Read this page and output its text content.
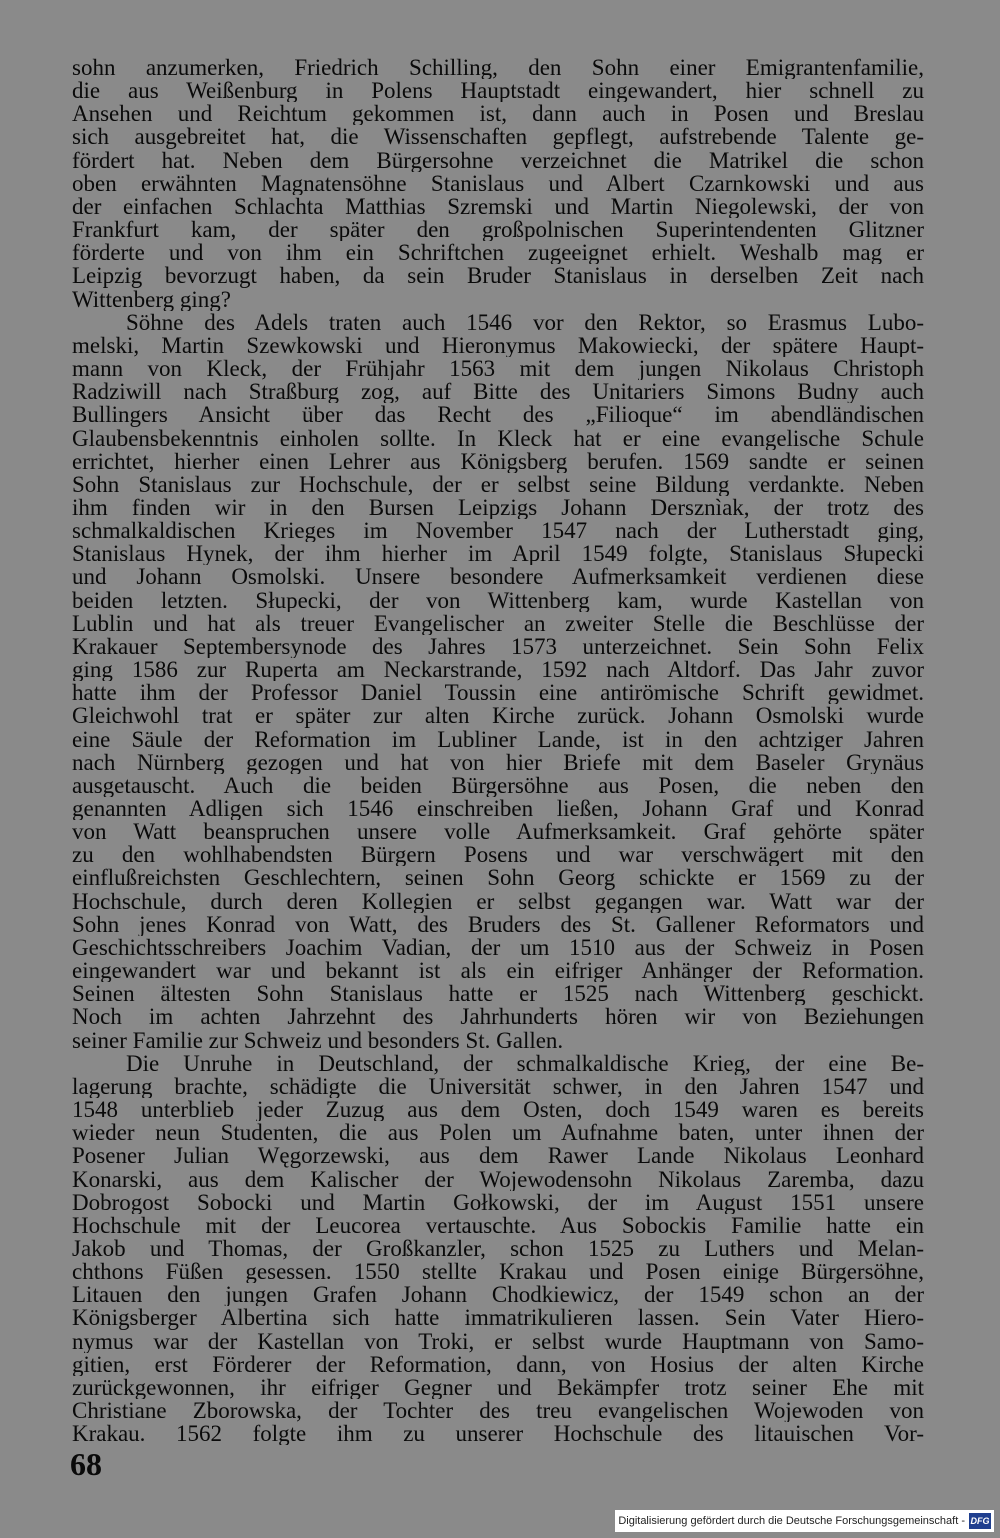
sohn anzumerken, Friedrich Schilling, den Sohn einer Emigrantenfamilie,
die aus Weißenburg in Polens Hauptstadt eingewandert, hier schnell zu
Ansehen und Reichtum gekommen ist, dann auch in Posen und Breslau
sich ausgebreitet hat, die Wissenschaften gepflegt, aufstrebende Talente ge-
fördert hat. Neben dem Bürgersohne verzeichnet die Matrikel die schon
oben erwähnten Magnatensöhne Stanislaus und Albert Czarnkowski und aus
der einfachen Schlachta Matthias Szremski und Martin Niegolewski, der von
Frankfurt kam, der später den großpolnischen Superintendenten Glitzner
förderte und von ihm ein Schriftchen zugeeignet erhielt. Weshalb mag er
Leipzig bevorzugt haben, da sein Bruder Stanislaus in derselben Zeit nach
Wittenberg ging?
Söhne des Adels traten auch 1546 vor den Rektor, so Erasmus Lubo-
melski, Martin Szewkowski und Hieronymus Makowiecki, der spätere Haupt-
mann von Kleck, der Frühjahr 1563 mit dem jungen Nikolaus Christoph
Radziwill nach Straßburg zog, auf Bitte des Unitariers Simons Budny auch
Bullingers Ansicht über das Recht des „Filioque“ im abendländischen
Glaubensbekenntnis einholen sollte. In Kleck hat er eine evangelische Schule
errichtet, hierher einen Lehrer aus Königsberg berufen. 1569 sandte er seinen
Sohn Stanislaus zur Hochschule, der er selbst seine Bildung verdankte. Neben
ihm finden wir in den Bursen Leipzigs Johann Dersznìak, der trotz des
schmalkaldischen Krieges im November 1547 nach der Lutherstadt ging,
Stanislaus Hynek, der ihm hierher im April 1549 folgte, Stanislaus Słupecki
und Johann Osmolski. Unsere besondere Aufmerksamkeit verdienen diese
beiden letzten. Słupecki, der von Wittenberg kam, wurde Kastellan von
Lublin und hat als treuer Evangelischer an zweiter Stelle die Beschlüsse der
Krakauer Septembersynode des Jahres 1573 unterzeichnet. Sein Sohn Felix
ging 1586 zur Ruperta am Neckarstrande, 1592 nach Altdorf. Das Jahr zuvor
hatte ihm der Professor Daniel Toussin eine antirömische Schrift gewidmet.
Gleichwohl trat er später zur alten Kirche zurück. Johann Osmolski wurde
eine Säule der Reformation im Lubliner Lande, ist in den achtziger Jahren
nach Nürnberg gezogen und hat von hier Briefe mit dem Baseler Grynäus
ausgetauscht. Auch die beiden Bürgersöhne aus Posen, die neben den
genannten Adligen sich 1546 einschreiben ließen, Johann Graf und Konrad
von Watt beanspruchen unsere volle Aufmerksamkeit. Graf gehörte später
zu den wohlhabendsten Bürgern Posens und war verschwägert mit den
einflußreichsten Geschlechtern, seinen Sohn Georg schickte er 1569 zu der
Hochschule, durch deren Kollegien er selbst gegangen war. Watt war der
Sohn jenes Konrad von Watt, des Bruders des St. Gallener Reformators und
Geschichtsschreibers Joachim Vadian, der um 1510 aus der Schweiz in Posen
eingewandert war und bekannt ist als ein eifriger Anhänger der Reformation.
Seinen ältesten Sohn Stanislaus hatte er 1525 nach Wittenberg geschickt.
Noch im achten Jahrzehnt des Jahrhunderts hören wir von Beziehungen
seiner Familie zur Schweiz und besonders St. Gallen.
Die Unruhe in Deutschland, der schmalkaldische Krieg, der eine Be-
lagerung brachte, schädigte die Universität schwer, in den Jahren 1547 und
1548 unterblieb jeder Zuzug aus dem Osten, doch 1549 waren es bereits
wieder neun Studenten, die aus Polen um Aufnahme baten, unter ihnen der
Posener Julian Węgorzewski, aus dem Rawer Lande Nikolaus Leonhard
Konarski, aus dem Kalischer der Wojewodensohn Nikolaus Zaremba, dazu
Dobrogost Sobocki und Martin Gołkowski, der im August 1551 unsere
Hochschule mit der Leucorea vertauschte. Aus Sobockis Familie hatte ein
Jakob und Thomas, der Großkanzler, schon 1525 zu Luthers und Melan-
chthons Füßen gesessen. 1550 stellte Krakau und Posen einige Bürgersöhne,
Litauen den jungen Grafen Johann Chodkiewicz, der 1549 schon an der
Königsberger Albertina sich hatte immatrikulieren lassen. Sein Vater Hiero-
nymus war der Kastellan von Troki, er selbst wurde Hauptmann von Samo-
gitien, erst Förderer der Reformation, dann, von Hosius der alten Kirche
zurückgewonnen, ihr eifriger Gegner und Bekämpfer trotz seiner Ehe mit
Christiane Zborowska, der Tochter des treu evangelischen Wojewoden von
Krakau. 1562 folgte ihm zu unserer Hochschule des litauischen Vor-
68
Digitalisierung gefördert durch die Deutsche Forschungsgemeinschaft - DFG
